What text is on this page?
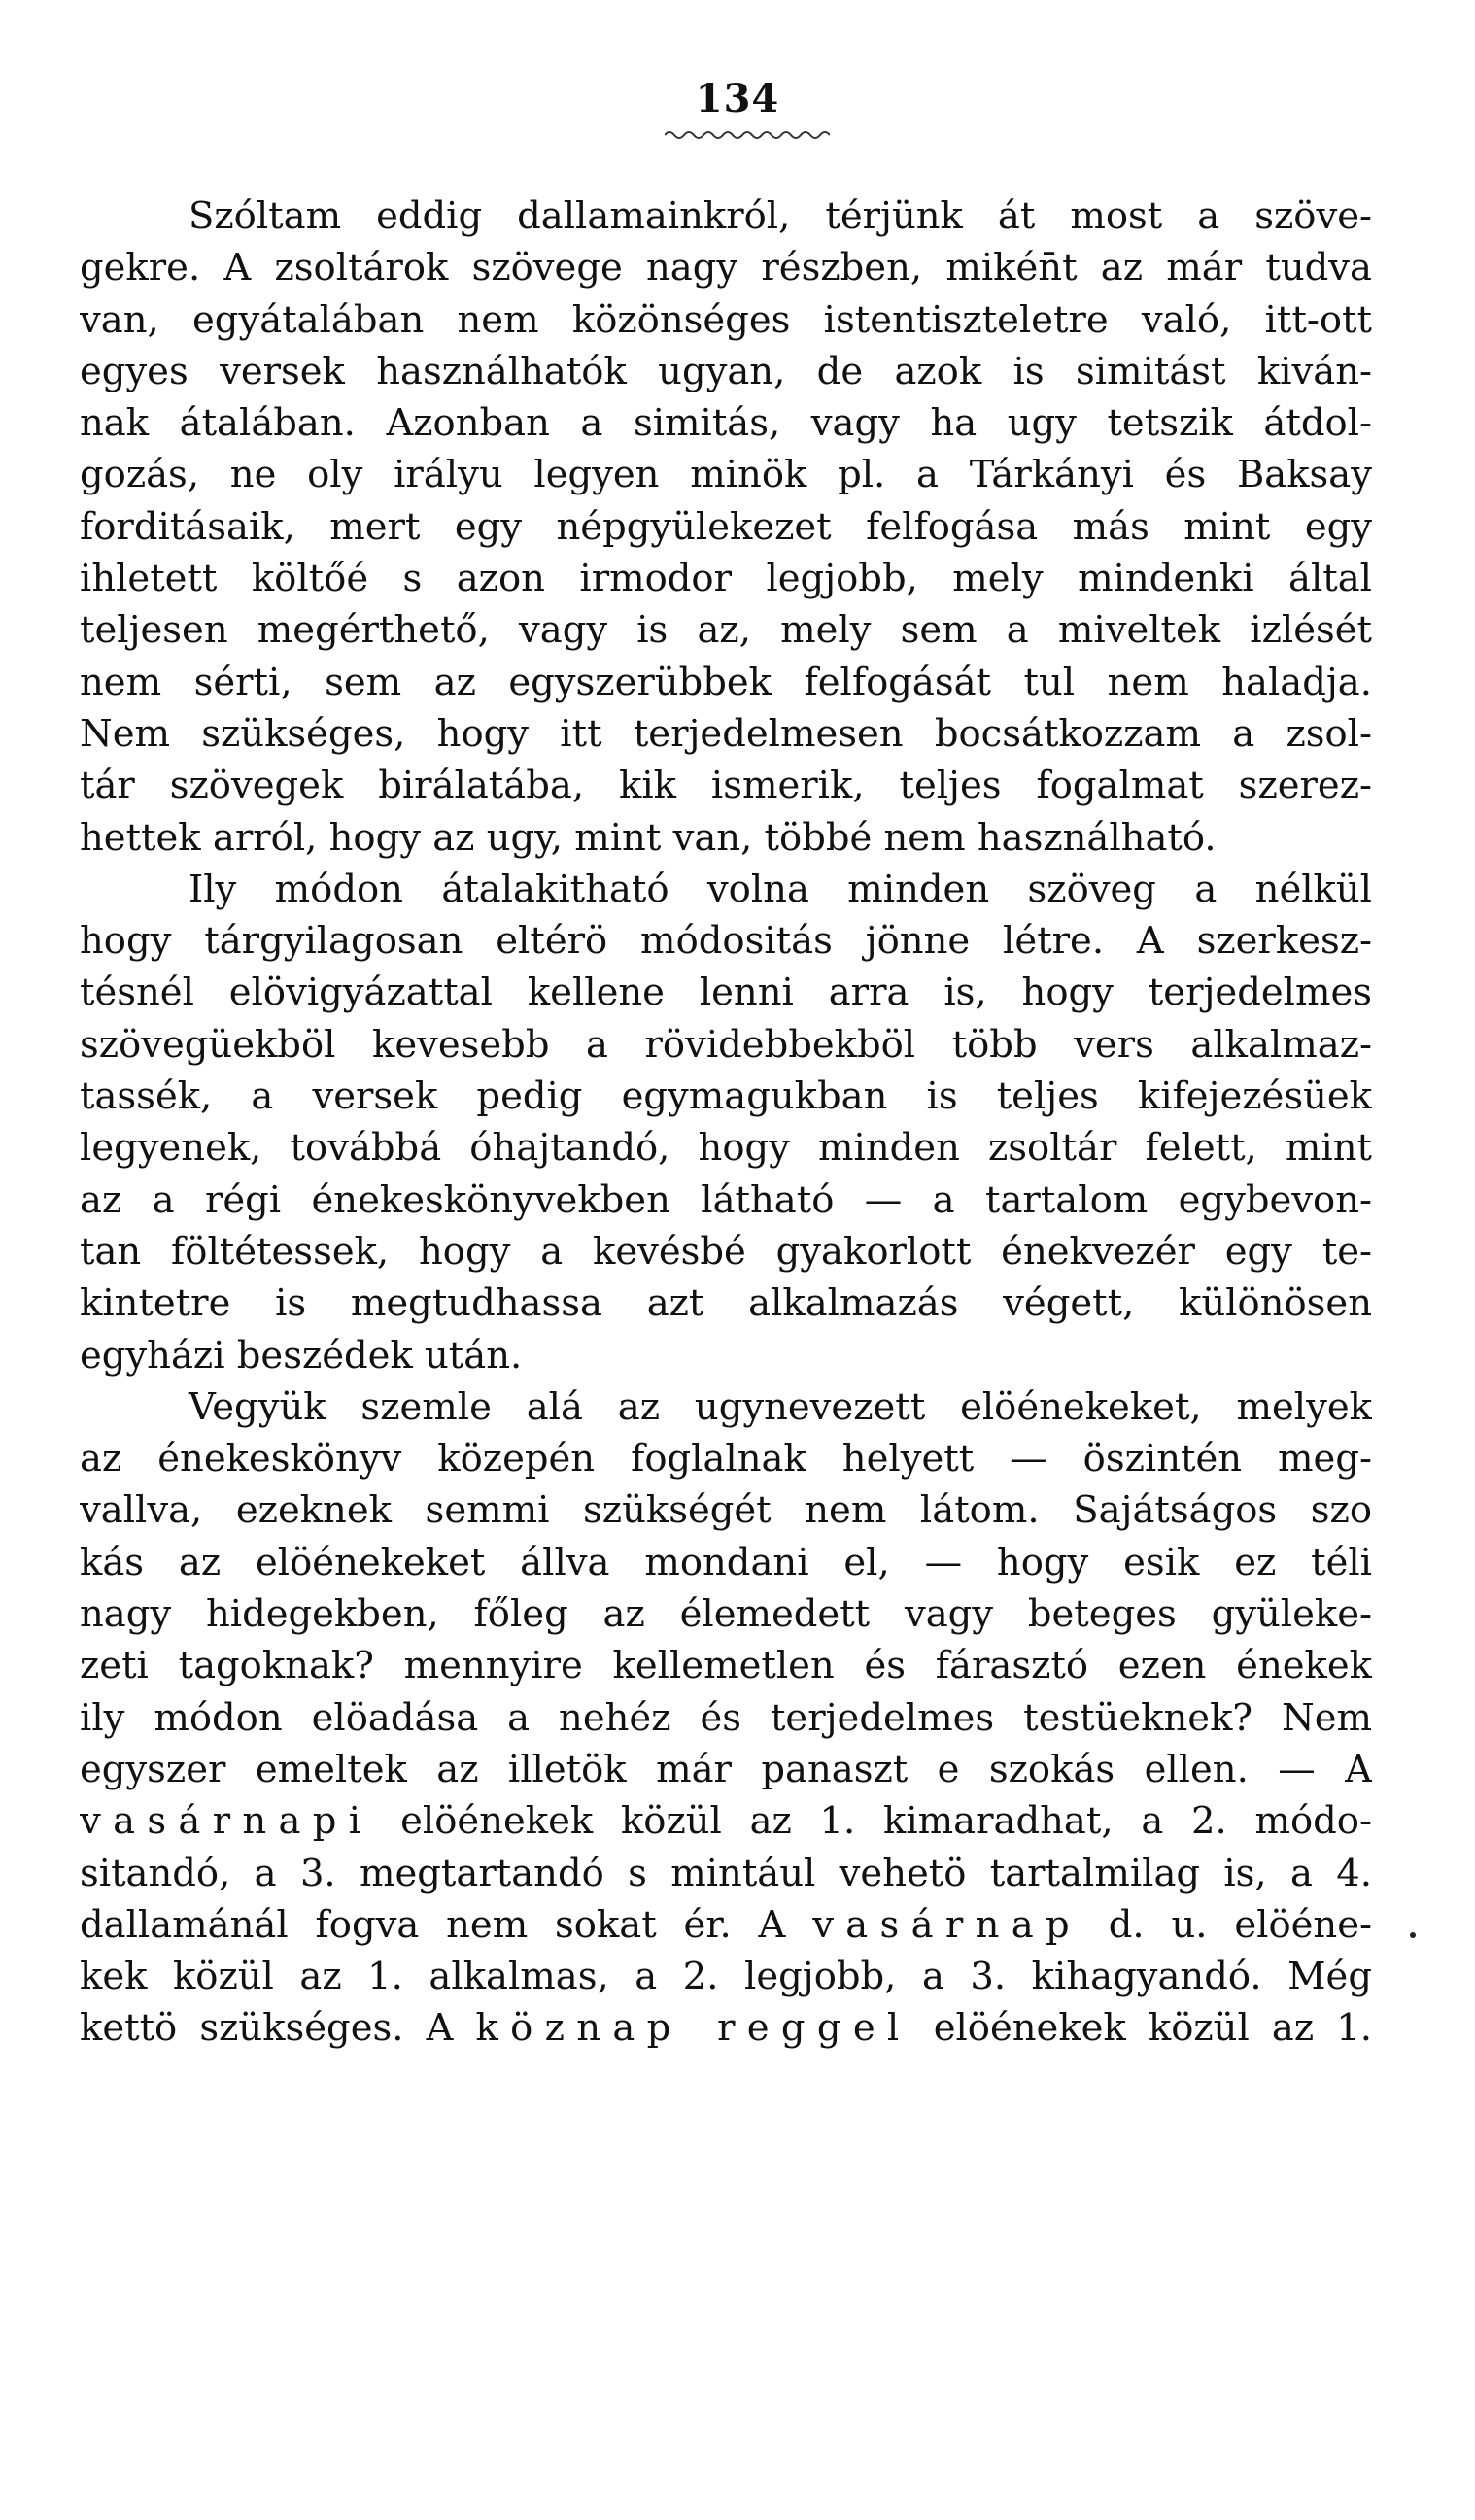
134
Szóltam eddig dallamainkról, térjünk át most a szöve-
gekre. A zsoltárok szövege nagy részben, mikén̄t az már tudva
van, egyátalában nem közönséges istentiszteletre való, itt-ott
egyes versek használhatók ugyan, de azok is simitást kiván-
nak átalában. Azonban a simitás, vagy ha ugy tetszik átdol-
gozás, ne oly irályu legyen minök pl. a Tárkányi és Baksay
forditásaik, mert egy népgyülekezet felfogása más mint egy
ihletett költőé s azon irmodor legjobb, mely mindenki által
teljesen megérthető, vagy is az, mely sem a miveltek izlését
nem sérti, sem az egyszerübbek felfogását tul nem haladja.
Nem szükséges, hogy itt terjedelmesen bocsátkozzam a zsol-
tár szövegek birálatába, kik ismerik, teljes fogalmat szerez-
hettek arról, hogy az ugy, mint van, többé nem használható.
Ily módon átalakitható volna minden szöveg a nélkül
hogy tárgyilagosan eltérö módositás jönne létre. A szerkesz-
tésnél elövigyázattal kellene lenni arra is, hogy terjedelmes
szövegüekböl kevesebb a rövidebbekböl több vers alkalmaz-
tassék, a versek pedig egymagukban is teljes kifejezésüek
legyenek, továbbá óhajtandó, hogy minden zsoltár felett, mint
az a régi énekeskönyvekben látható — a tartalom egybevon-
tan föltétessek, hogy a kevésbé gyakorlott énekvezér egy te-
kintetre is megtudhassa azt alkalmazás végett, különösen
egyházi beszédek után.
Vegyük szemle alá az ugynevezett elöénekeket, melyek
az énekeskönyv közepén foglalnak helyett — öszintén meg-
vallva, ezeknek semmi szükségét nem látom. Sajátságos szo
kás az elöénekeket állva mondani el, — hogy esik ez téli
nagy hidegekben, főleg az élemedett vagy beteges gyüleke-
zeti tagoknak? mennyire kellemetlen és fárasztó ezen énekek
ily módon elöadása a nehéz és terjedelmes testüeknek? Nem
egyszer emeltek az illetök már panaszt e szokás ellen. — A
vasárnapi elöénekek közül az 1. kimaradhat, a 2. módo-
sitandó, a 3. megtartandó s mintául vehetö tartalmilag is, a 4.
dallamánál fogva nem sokat ér. A vasárnap d. u. elöéne-
kek közül az 1. alkalmas, a 2. legjobb, a 3. kihagyandó. Még
kettö szükséges. A köznap reggel elöénekek közül az 1.
